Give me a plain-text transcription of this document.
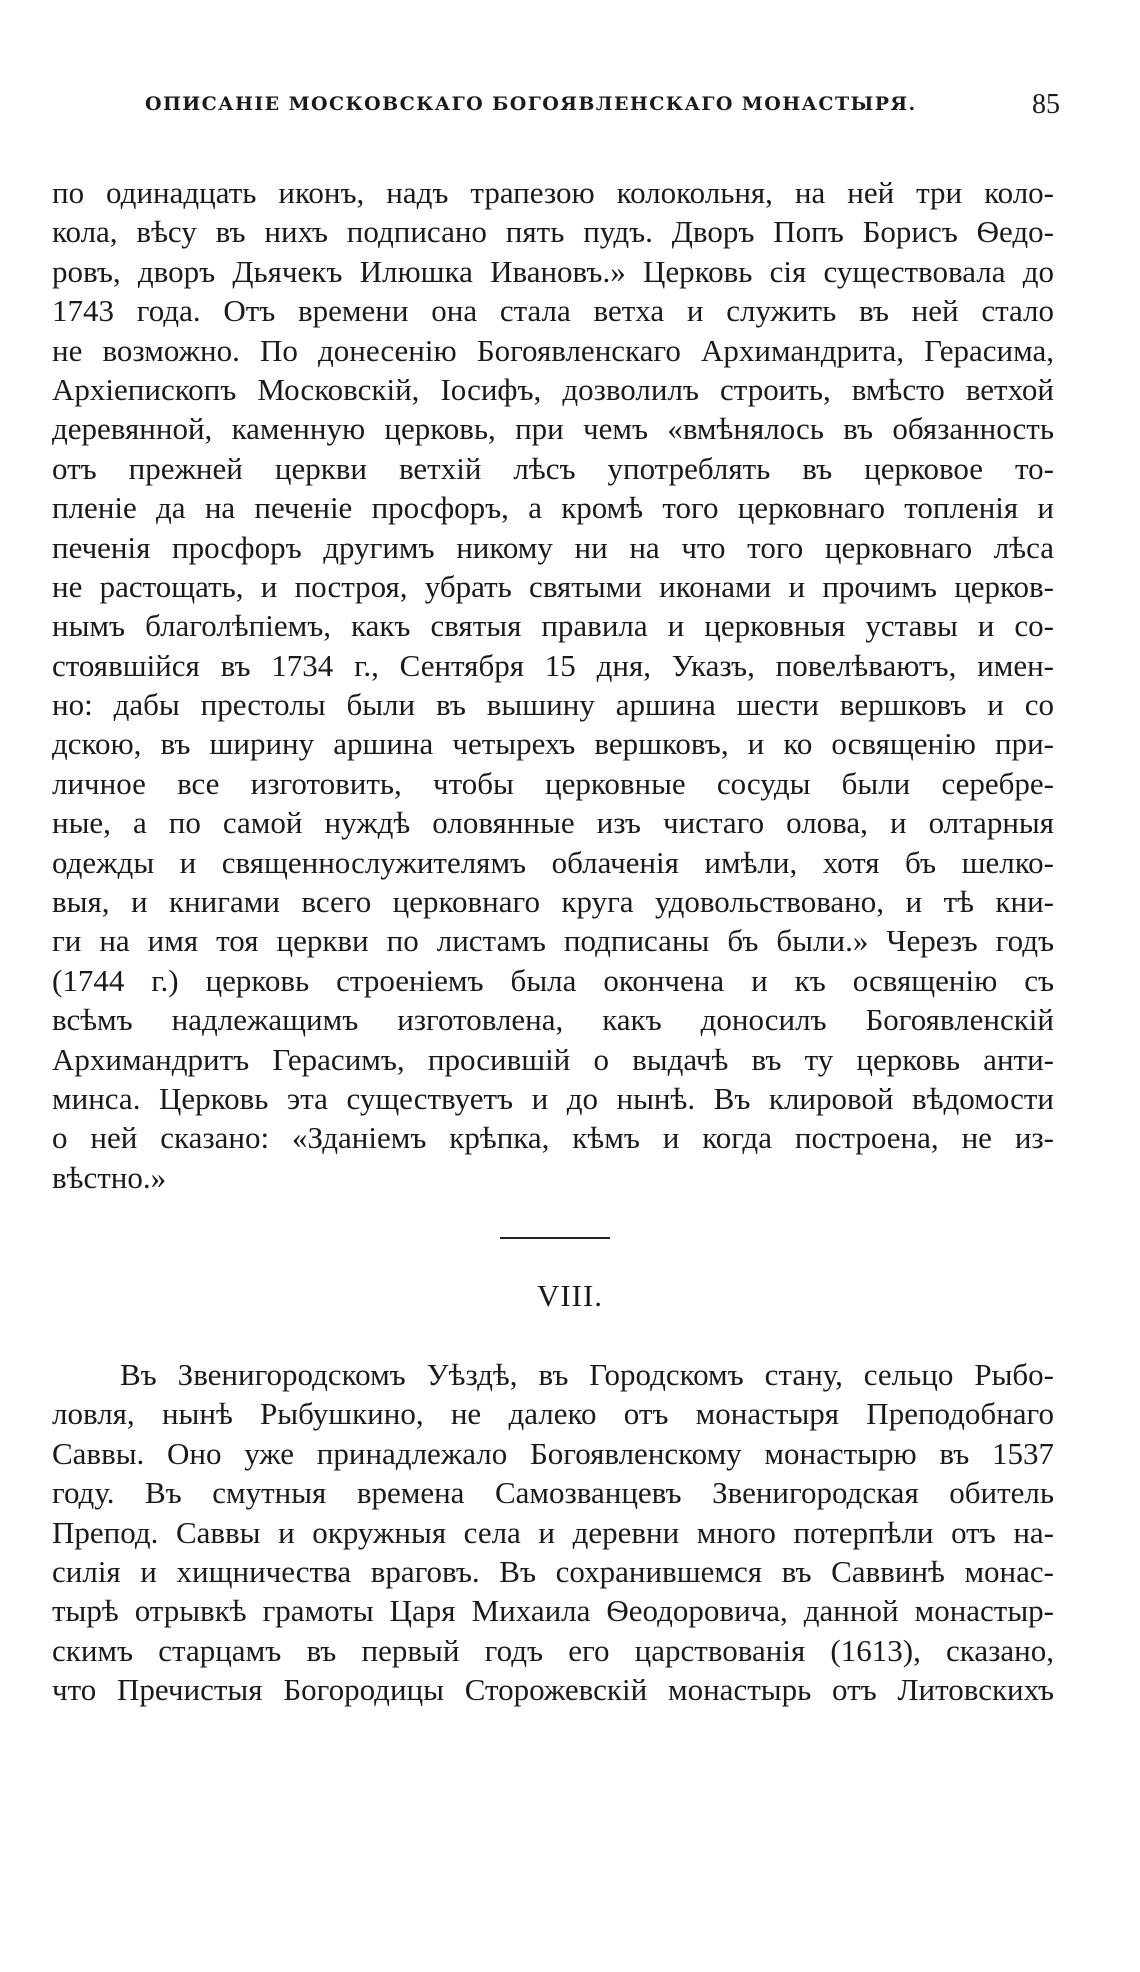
ОПИСАНІЕ МОСКОВСКАГО БОГОЯВЛЕНСКАГО МОНАСТЫРЯ.	85
по одинадцать иконъ, надъ трапезою колокольня, на ней три коло-
кола, вѣсу въ нихъ подписано пять пудъ. Дворъ Попъ Борисъ Ѳедо-
ровъ, дворъ Дьячекъ Илюшка Ивановъ.» Церковь сія существовала до
1743 года. Отъ времени она стала ветха и служить въ ней стало
не возможно. По донесенію Богоявленскаго Архимандрита, Герасима,
Архіепископъ Московскій, Іосифъ, дозволилъ строить, вмѣсто ветхой
деревянной, каменную церковь, при чемъ «вмѣнялось въ обязанность
отъ прежней церкви ветхій лѣсъ употреблять въ церковое то-
пленіе да на печеніе просфоръ, а кромѣ того церковнаго топленія и
печенія просфоръ другимъ никому ни на что того церковнаго лѣса
не растощать, и построя, убрать святыми иконами и прочимъ церков-
нымъ благолѣпіемъ, какъ святыя правила и церковныя уставы и со-
стоявшійся въ 1734 г., Сентября 15 дня, Указъ, повелѣваютъ, имен-
но: дабы престолы были въ вышину аршина шести вершковъ и со
дскою, въ ширину аршина четырехъ вершковъ, и ко освященію при-
личное все изготовить, чтобы церковные сосуды были серебре-
ные, а по самой нуждѣ оловянные изъ чистаго олова, и олтарныя
одежды и священнослужителямъ облаченія имѣли, хотя бъ шелко-
выя, и книгами всего церковнаго круга удовольствовано, и тѣ кни-
ги на имя тоя церкви по листамъ подписаны бъ были.» Черезъ годъ
(1744 г.) церковь строеніемъ была окончена и къ освященію съ
всѣмъ надлежащимъ изготовлена, какъ доносилъ Богоявленскій
Архимандритъ Герасимъ, просившій о выдачѣ въ ту церковь анти-
минса. Церковь эта существуетъ и до нынѣ. Въ клировой вѣдомости
о ней сказано: «Зданіемъ крѣпка, кѣмъ и когда построена, не из-
вѣстно.»
VIII.
Въ Звенигородскомъ Уѣздѣ, въ Городскомъ стану, сельцо Рыбо-
ловля, нынѣ Рыбушкино, не далеко отъ монастыря Преподобнаго
Саввы. Оно уже принадлежало Богоявленскому монастырю въ 1537
году. Въ смутныя времена Самозванцевъ Звенигородская обитель
Препод. Саввы и окружныя села и деревни много потерпѣли отъ на-
силія и хищничества враговъ. Въ сохранившемся въ Саввинѣ монас-
тырѣ отрывкѣ грамоты Царя Михаила Ѳеодоровича, данной монастыр-
скимъ старцамъ въ первый годъ его царствованія (1613), сказано,
что Пречистыя Богородицы Сторожевскій монастырь отъ Литовскихъ
